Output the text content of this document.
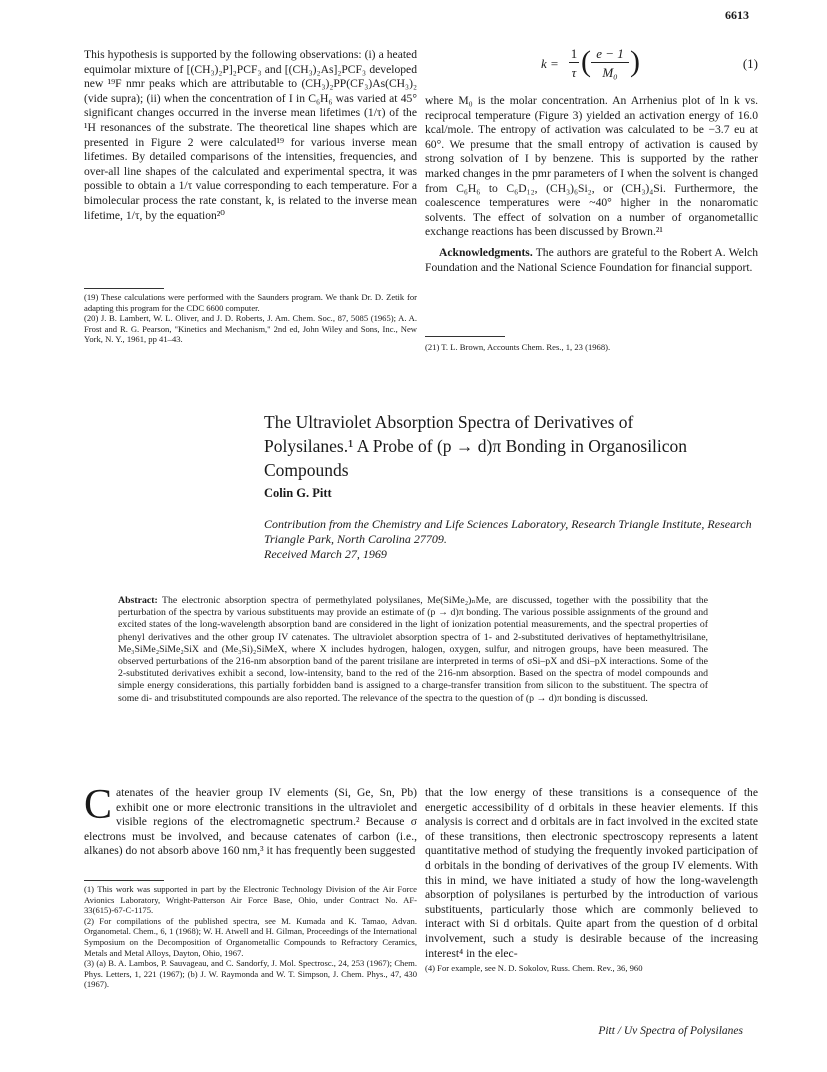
6613

This hypothesis is supported by the following observations: (i) a heated equimolar mixture of [(CH₃)₂P]₂PCF₃ and [(CH₃)₂As]₂PCF₃ developed new ¹⁹F nmr peaks which are attributable to (CH₃)₂PP(CF₃)As(CH₃)₂ (vide supra); (ii) when the concentration of I in C₆H₆ was varied at 45° significant changes occurred in the inverse mean lifetimes (1/τ) of the ¹H resonances of the substrate. The theoretical line shapes which are presented in Figure 2 were calculated¹⁹ for various inverse mean lifetimes. By detailed comparisons of the intensities, frequencies, and over-all line shapes of the calculated and experimental spectra, it was possible to obtain a 1/τ value corresponding to each temperature. For a bimolecular process the rate constant, k, is related to the inverse mean lifetime, 1/τ, by the equation²⁰

(19) These calculations were performed with the Saunders program. We thank Dr. D. Zetik for adapting this program for the CDC 6600 computer.

(20) J. B. Lambert, W. L. Oliver, and J. D. Roberts, J. Am. Chem. Soc., 87, 5085 (1965); A. A. Frost and R. G. Pearson, "Kinetics and Mechanism," 2nd ed, John Wiley and Sons, Inc., New York, N. Y., 1961, pp 41–43.

k =
1
τ ( e − 1
M₀ )	(1)

where M₀ is the molar concentration. An Arrhenius plot of ln k vs. reciprocal temperature (Figure 3) yielded an activation energy of 16.0 kcal/mole. The entropy of activation was calculated to be −3.7 eu at 60°. We presume that the small entropy of activation is caused by strong solvation of I by benzene. This is supported by the rather marked changes in the pmr parameters of I when the solvent is changed from C₆H₆ to C₆D₁₂, (CH₃)₆Si₂, or (CH₃)₄Si. Furthermore, the coalescence temperatures were ~40° higher in the nonaromatic solvents. The effect of solvation on a number of organometallic exchange reactions has been discussed by Brown.²¹

Acknowledgments. The authors are grateful to the Robert A. Welch Foundation and the National Science Foundation for financial support.

(21) T. L. Brown, Accounts Chem. Res., 1, 23 (1968).

The Ultraviolet Absorption Spectra of Derivatives of Polysilanes.¹ A Probe of (p → d)π Bonding in Organosilicon Compounds
Colin G. Pitt
Contribution from the Chemistry and Life Sciences Laboratory, Research Triangle Institute, Research Triangle Park, North Carolina 27709.
Received March 27, 1969
Abstract: The electronic absorption spectra of permethylated polysilanes, Me(SiMe₂)ₙMe, are discussed, together with the possibility that the perturbation of the spectra by various substituents may provide an estimate of (p → d)π bonding. The various possible assignments of the ground and excited states of the long-wavelength absorption band are considered in the light of ionization potential measurements, and the spectral properties of phenyl derivatives and the other group IV catenates. The ultraviolet absorption spectra of 1- and 2-substituted derivatives of heptamethyltrisilane, Me₃SiMe₂SiMe₂SiX and (Me₃Si)₂SiMeX, where X includes hydrogen, halogen, oxygen, sulfur, and nitrogen groups, have been measured. The observed perturbations of the 216-nm absorption band of the parent trisilane are interpreted in terms of σSi–pX and dSi–pX interactions. Some of the 2-substituted derivatives exhibit a second, low-intensity, band to the red of the 216-nm absorption. Based on the spectra of model compounds and simple energy considerations, this partially forbidden band is assigned to a charge-transfer transition from silicon to the substituent. The spectra of some di- and trisubstituted compounds are also reported. The relevance of the spectra to the question of (p → d)π bonding is discussed.

Catenates of the heavier group IV elements (Si, Ge, Sn, Pb) exhibit one or more electronic transitions in the ultraviolet and visible regions of the electromagnetic spectrum.² Because σ electrons must be involved, and because catenates of carbon (i.e., alkanes) do not absorb above 160 nm,³ it has frequently been suggested

(1) This work was supported in part by the Electronic Technology Division of the Air Force Avionics Laboratory, Wright-Patterson Air Force Base, Ohio, under Contract No. AF-33(615)-67-C-1175.

(2) For compilations of the published spectra, see M. Kumada and K. Tamao, Advan. Organometal. Chem., 6, 1 (1968); W. H. Atwell and H. Gilman, Proceedings of the International Symposium on the Decomposition of Organometallic Compounds to Refractory Ceramics, Metals and Metal Alloys, Dayton, Ohio, 1967.

(3) (a) B. A. Lambos, P. Sauvageau, and C. Sandorfy, J. Mol. Spectrosc., 24, 253 (1967); Chem. Phys. Letters, 1, 221 (1967); (b) J. W. Raymonda and W. T. Simpson, J. Chem. Phys., 47, 430 (1967).

that the low energy of these transitions is a consequence of the energetic accessibility of d orbitals in these heavier elements. If this analysis is correct and d orbitals are in fact involved in the excited state of these transitions, then electronic spectroscopy represents a latent quantitative method of studying the frequently invoked participation of d orbitals in the bonding of derivatives of the group IV elements. With this in mind, we have initiated a study of how the long-wavelength absorption of polysilanes is perturbed by the introduction of various substituents, particularly those which are commonly believed to interact with Si d orbitals. Quite apart from the question of d orbital involvement, such a study is desirable because of the increasing interest⁴ in the elec-

(4) For example, see N. D. Sokolov, Russ. Chem. Rev., 36, 960

Pitt / Uv Spectra of Polysilanes
